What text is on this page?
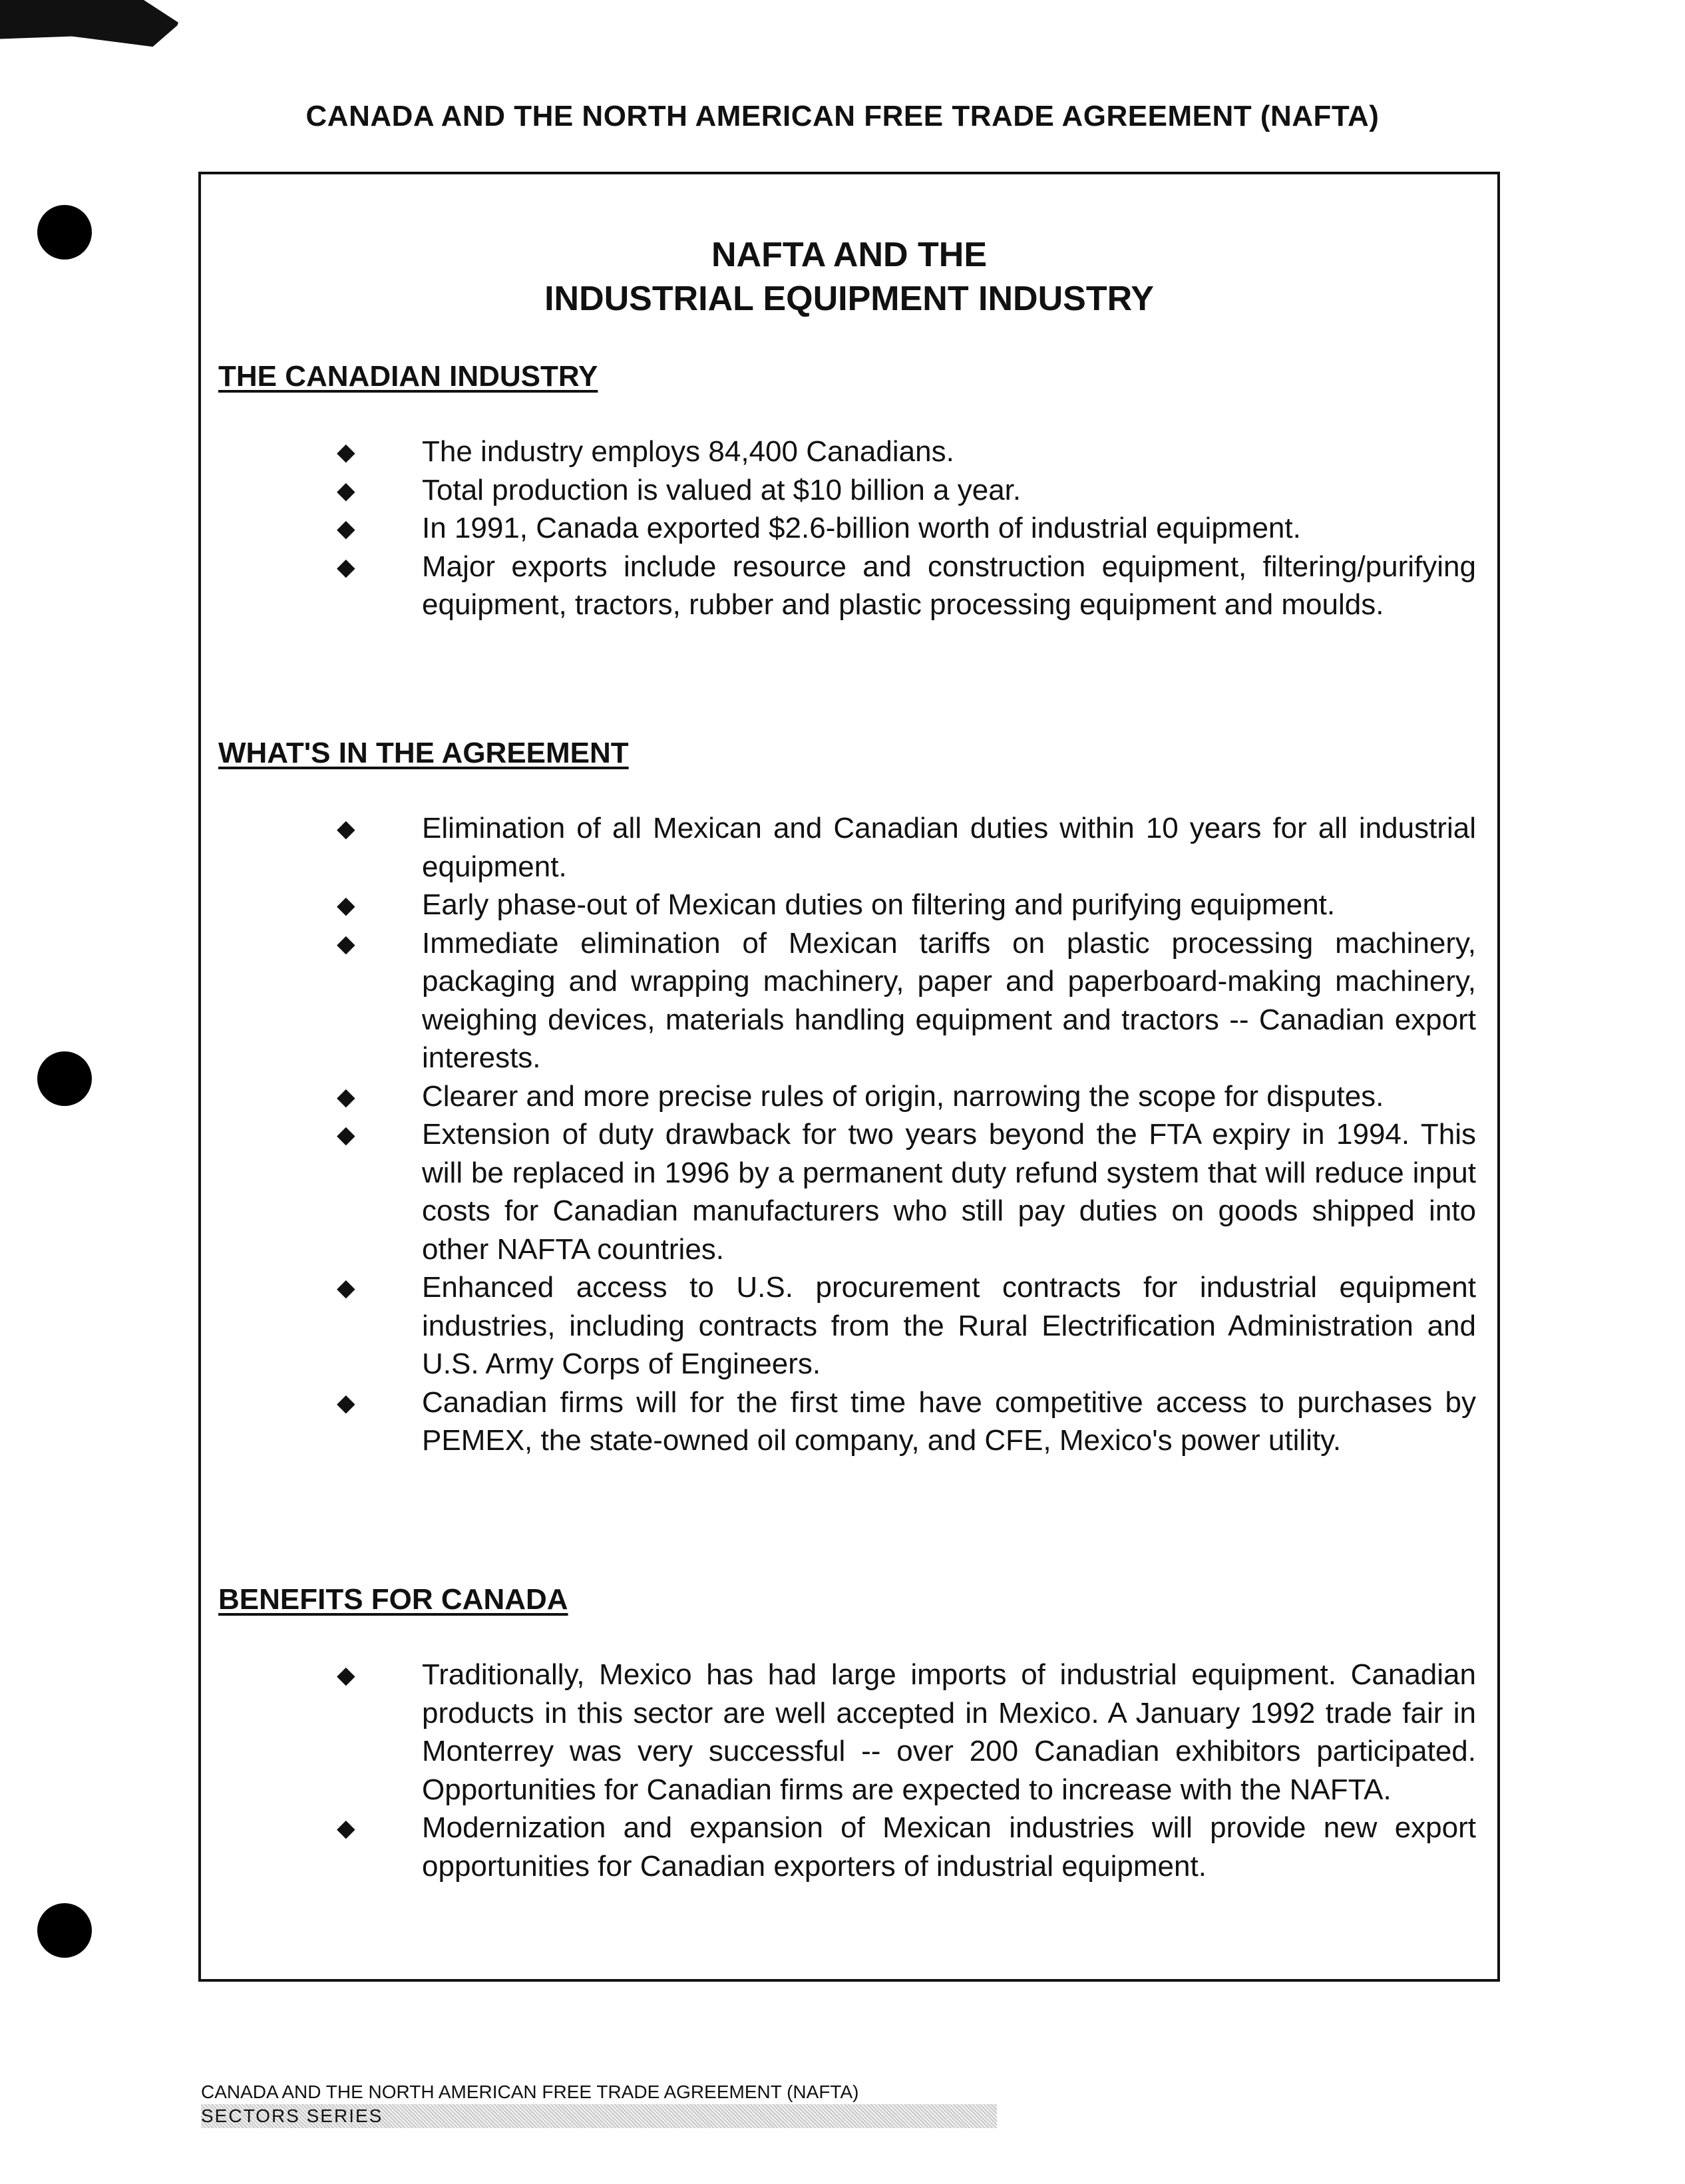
CANADA AND THE NORTH AMERICAN FREE TRADE AGREEMENT (NAFTA)
NAFTA AND THE
INDUSTRIAL EQUIPMENT INDUSTRY
THE CANADIAN INDUSTRY
◆ The industry employs 84,400 Canadians.
◆ Total production is valued at $10 billion a year.
◆ In 1991, Canada exported $2.6-billion worth of industrial equipment.
◆ Major exports include resource and construction equipment, filtering/purifying equipment, tractors, rubber and plastic processing equipment and moulds.
WHAT'S IN THE AGREEMENT
◆ Elimination of all Mexican and Canadian duties within 10 years for all industrial equipment.
◆ Early phase-out of Mexican duties on filtering and purifying equipment.
◆ Immediate elimination of Mexican tariffs on plastic processing machinery, packaging and wrapping machinery, paper and paperboard-making machinery, weighing devices, materials handling equipment and tractors -- Canadian export interests.
◆ Clearer and more precise rules of origin, narrowing the scope for disputes.
◆ Extension of duty drawback for two years beyond the FTA expiry in 1994. This will be replaced in 1996 by a permanent duty refund system that will reduce input costs for Canadian manufacturers who still pay duties on goods shipped into other NAFTA countries.
◆ Enhanced access to U.S. procurement contracts for industrial equipment industries, including contracts from the Rural Electrification Administration and U.S. Army Corps of Engineers.
◆ Canadian firms will for the first time have competitive access to purchases by PEMEX, the state-owned oil company, and CFE, Mexico's power utility.
BENEFITS FOR CANADA
◆ Traditionally, Mexico has had large imports of industrial equipment. Canadian products in this sector are well accepted in Mexico. A January 1992 trade fair in Monterrey was very successful -- over 200 Canadian exhibitors participated. Opportunities for Canadian firms are expected to increase with the NAFTA.
◆ Modernization and expansion of Mexican industries will provide new export opportunities for Canadian exporters of industrial equipment.
CANADA AND THE NORTH AMERICAN FREE TRADE AGREEMENT (NAFTA)
SECTORS SERIES
